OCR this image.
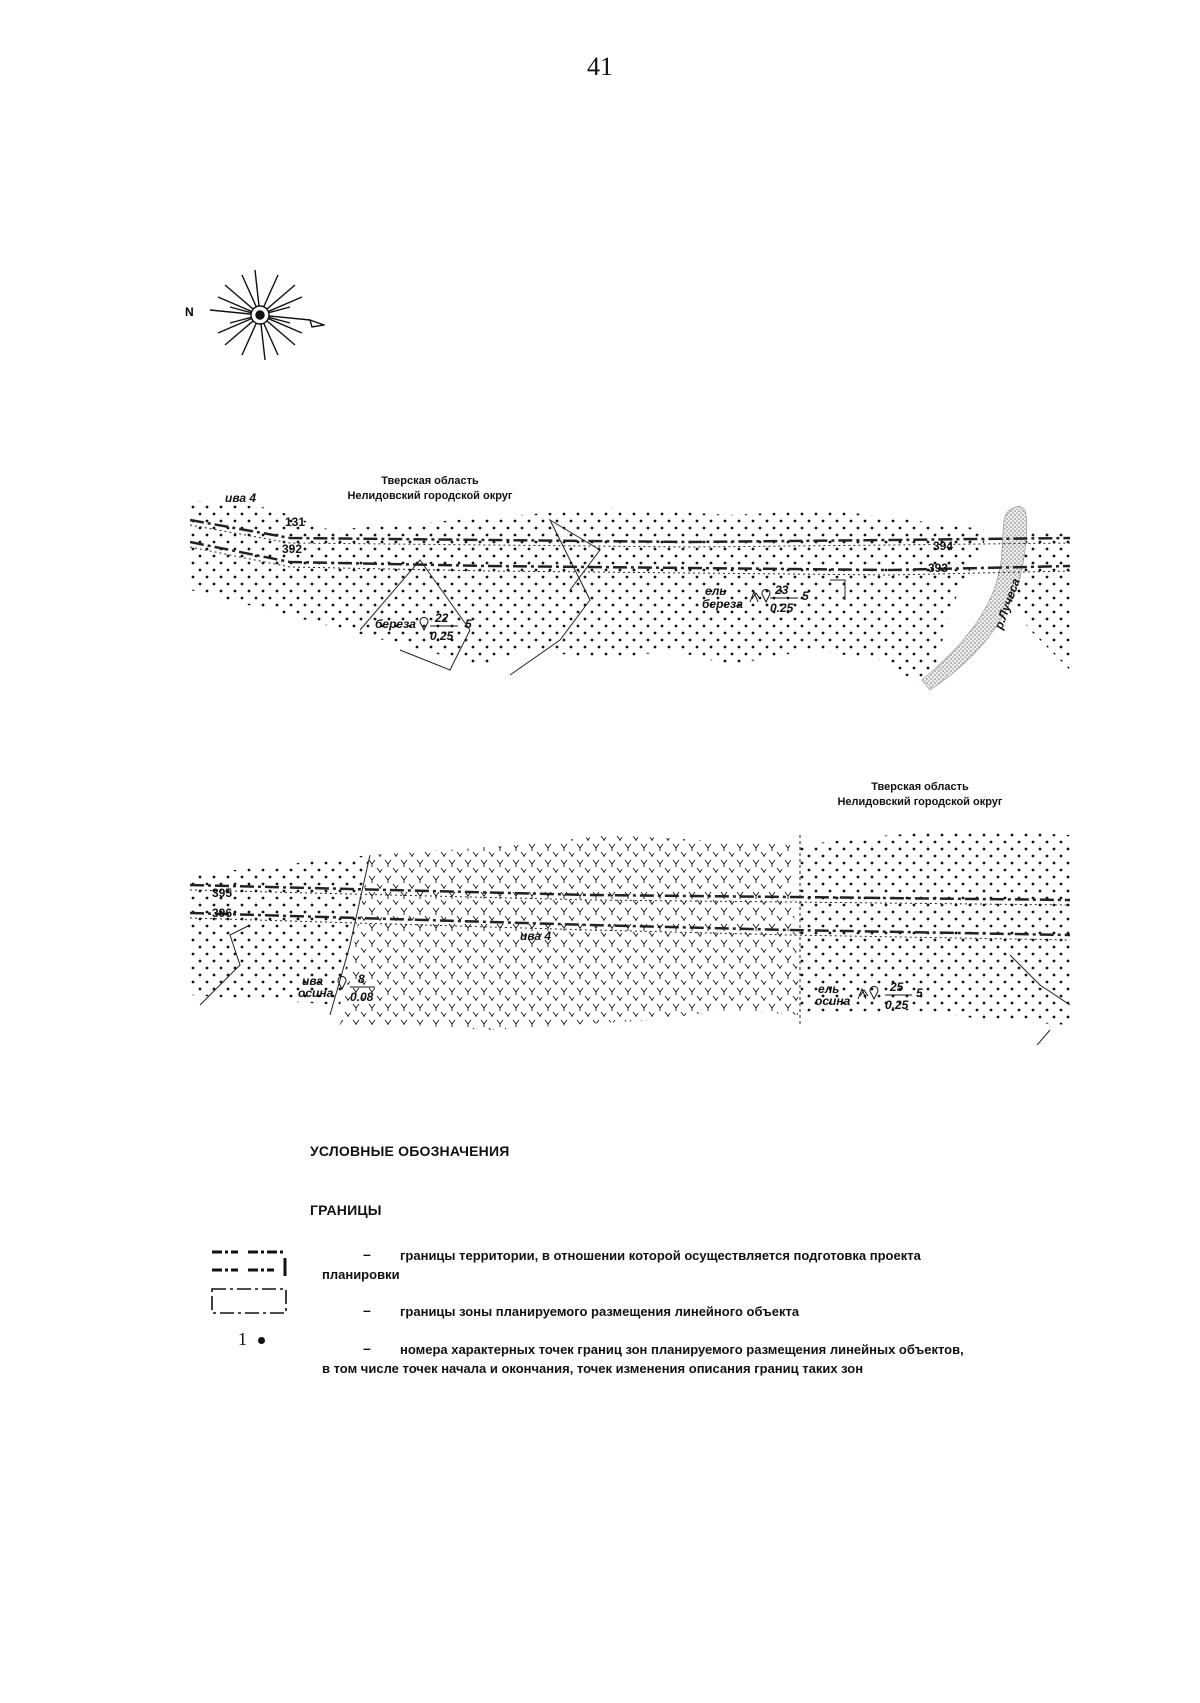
41
N
Тверская область
Нелидовский городской округ
ива 4
131
392	394
393
береза 22
0.25
5
ель
береза
23
0.25
5	р.Лучеса
Тверская область
Нелидовский городской округ
395
396
ива 4
ива
осина
8
0.08
ель
осина
25
0.25
5
УСЛОВНЫЕ ОБОЗНАЧЕНИЯ
ГРАНИЦЫ
–	границы территории, в отношении которой осуществляется подготовка проекта
планировки
– границы зоны планируемого размещения линейного объекта
1	–	номера характерных точек границ зон планируемого размещения линейных объектов,
в том числе точек начала и окончания, точек изменения описания границ таких зон
